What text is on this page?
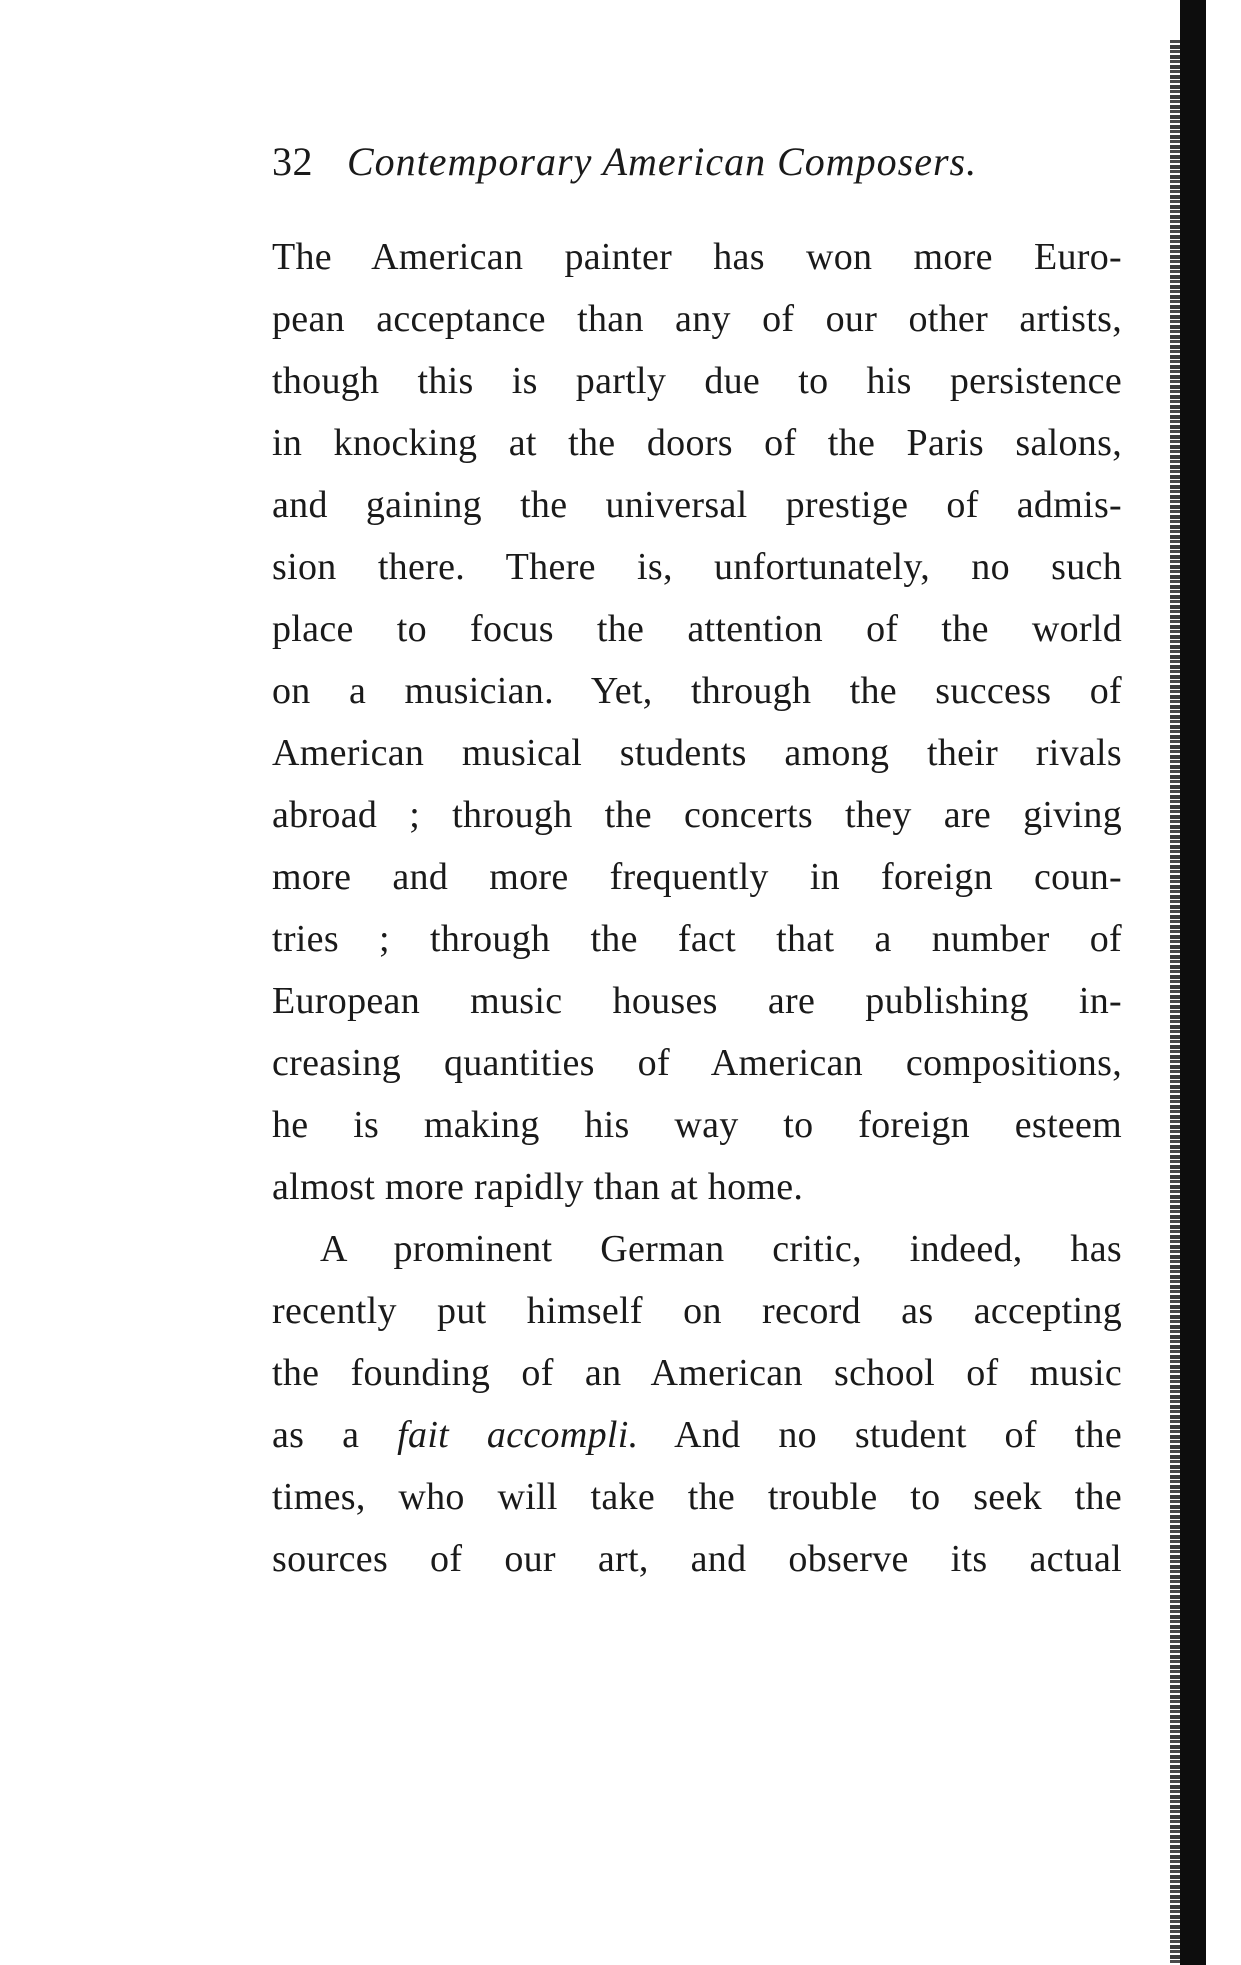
32 Contemporary American Composers.
The American painter has won more Euro-
pean acceptance than any of our other artists,
though this is partly due to his persistence
in knocking at the doors of the Paris salons,
and gaining the universal prestige of admis-
sion there. There is, unfortunately, no such
place to focus the attention of the world
on a musician. Yet, through the success of
American musical students among their rivals
abroad ; through the concerts they are giving
more and more frequently in foreign coun-
tries ; through the fact that a number of
European music houses are publishing in-
creasing quantities of American compositions,
he is making his way to foreign esteem
almost more rapidly than at home.
A prominent German critic, indeed, has
recently put himself on record as accepting
the founding of an American school of music
as a fait accompli. And no student of the
times, who will take the trouble to seek the
sources of our art, and observe its actual
